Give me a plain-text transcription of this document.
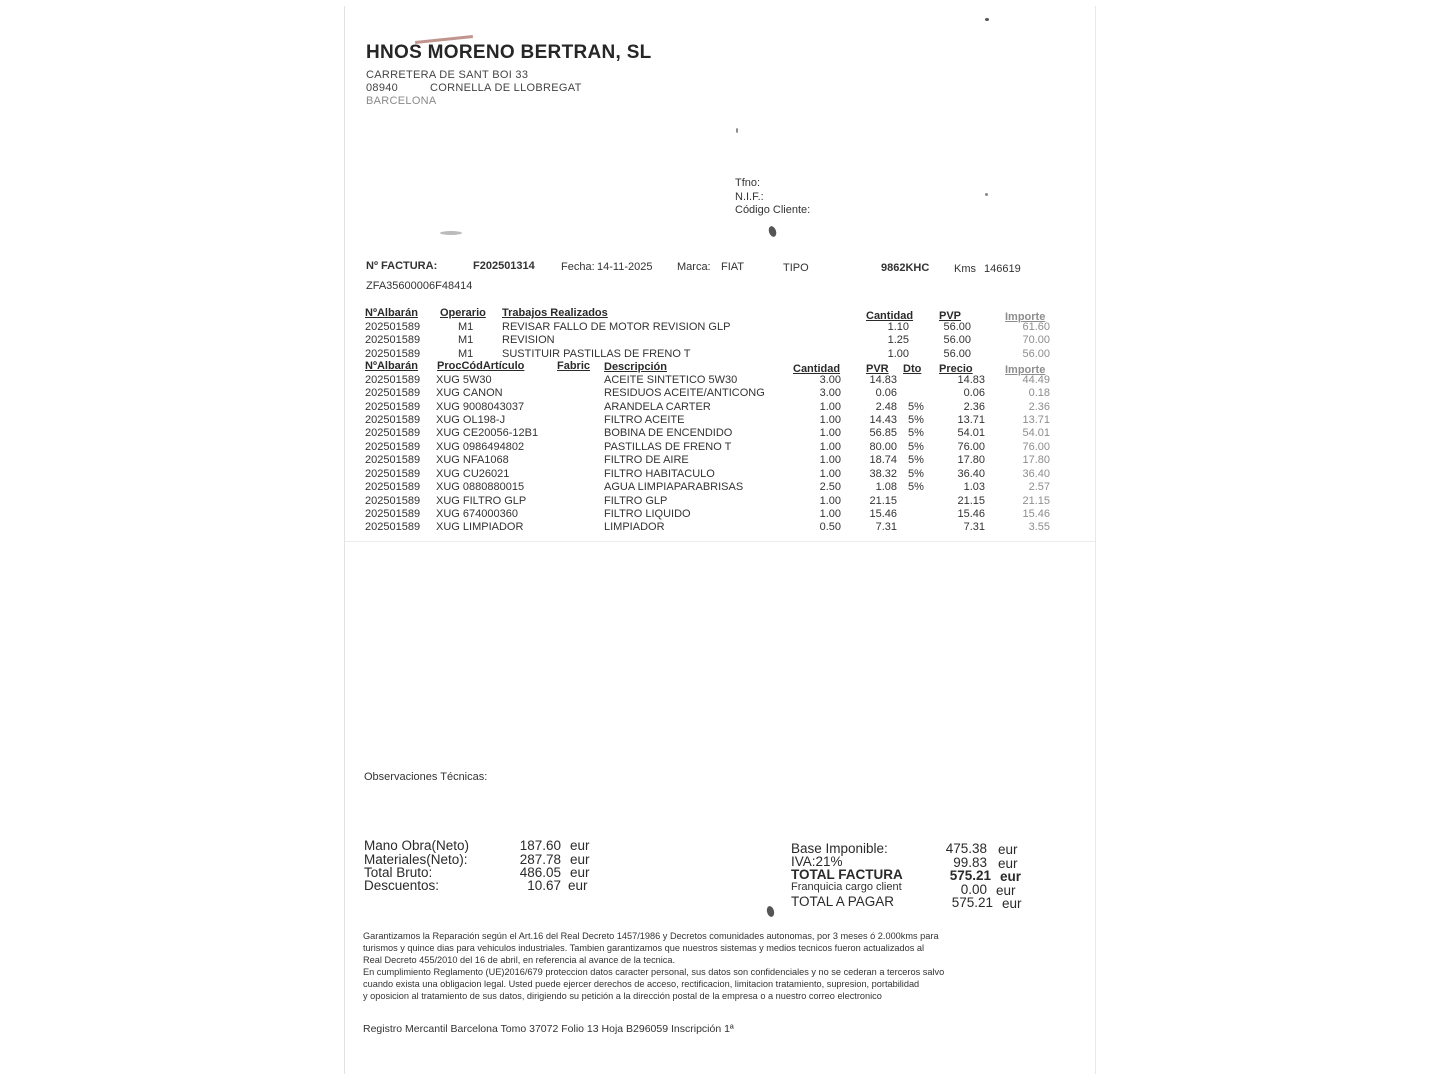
HNOS MORENO BERTRAN, SL
CARRETERA DE SANT BOI 33
08940	CORNELLA DE LLOBREGAT
BARCELONA
Tfno:
N.I.F.:
Código Cliente:
Nº FACTURA:	F202501314 Fecha: 14-11-2025 Marca: FIAT	TIPO	9862KHC Kms 146619
ZFA35600006F48414
NºAlbarán Operario Trabajos Realizados	Cantidad PVP	Importe
202501589	M1	REVISAR FALLO DE MOTOR REVISION GLP	1.10	56.00	61.60
202501589	M1	REVISION	1.25	56.00	70.00
202501589	M1	SUSTITUIR PASTILLAS DE FRENO T	1.00	56.00	56.00
NºAlbarán ProcCódArtículo	Fabric Descripción	Cantidad PVR Dto Precio	Importe
202501589 XUG 5W30	ACEITE SINTETICO 5W30	3.00	14.83	14.83	44.49
202501589 XUG CANON	RESIDUOS ACEITE/ANTICONG	3.00	0.06	0.06	0.18
202501589 XUG 9008043037	ARANDELA CARTER	1.00	2.48 5%	2.36	2.36
202501589 XUG OL198-J	FILTRO ACEITE	1.00	14.43 5%	13.71	13.71
202501589 XUG CE20056-12B1	BOBINA DE ENCENDIDO	1.00	56.85 5%	54.01	54.01
202501589 XUG 0986494802	PASTILLAS DE FRENO T	1.00	80.00 5%	76.00	76.00
202501589 XUG NFA1068	FILTRO DE AIRE	1.00	18.74 5%	17.80	17.80
202501589 XUG CU26021	FILTRO HABITACULO	1.00	38.32 5%	36.40	36.40
202501589 XUG 0880880015	AGUA LIMPIAPARABRISAS	2.50	1.08 5%	1.03	2.57
202501589 XUG FILTRO GLP	FILTRO GLP	1.00	21.15	21.15	21.15
202501589 XUG 674000360	FILTRO LIQUIDO	1.00	15.46	15.46	15.46
202501589 XUG LIMPIADOR	LIMPIADOR	0.50	7.31	7.31	3.55
Observaciones Técnicas:
Mano Obra(Neto)	187.60 eur
Materiales(Neto):	287.78 eur
Total Bruto:	486.05 eur
Descuentos:	10.67 eur
Base Imponible:	475.38 eur
IVA:21%	99.83 eur
TOTAL FACTURA	575.21 eur
Franquicia cargo client	0.00 eur
TOTAL A PAGAR	575.21 eur
Garantizamos la Reparación según el Art.16 del Real Decreto 1457/1986 y Decretos comunidades autonomas, por 3 meses ó 2.000kms para
turismos y quince dias para vehiculos industriales. Tambien garantizamos que nuestros sistemas y medios tecnicos fueron actualizados al
Real Decreto 455/2010 del 16 de abril, en referencia al avance de la tecnica.
En cumplimiento Reglamento (UE)2016/679 proteccion datos caracter personal, sus datos son confidenciales y no se cederan a terceros salvo
cuando exista una obligacion legal. Usted puede ejercer derechos de acceso, rectificacion, limitacion tratamiento, supresion, portabilidad
y oposicion al tratamiento de sus datos, dirigiendo su petición a la dirección postal de la empresa o a nuestro correo electronico
Registro Mercantil Barcelona Tomo 37072 Folio 13 Hoja B296059 Inscripción 1ª
